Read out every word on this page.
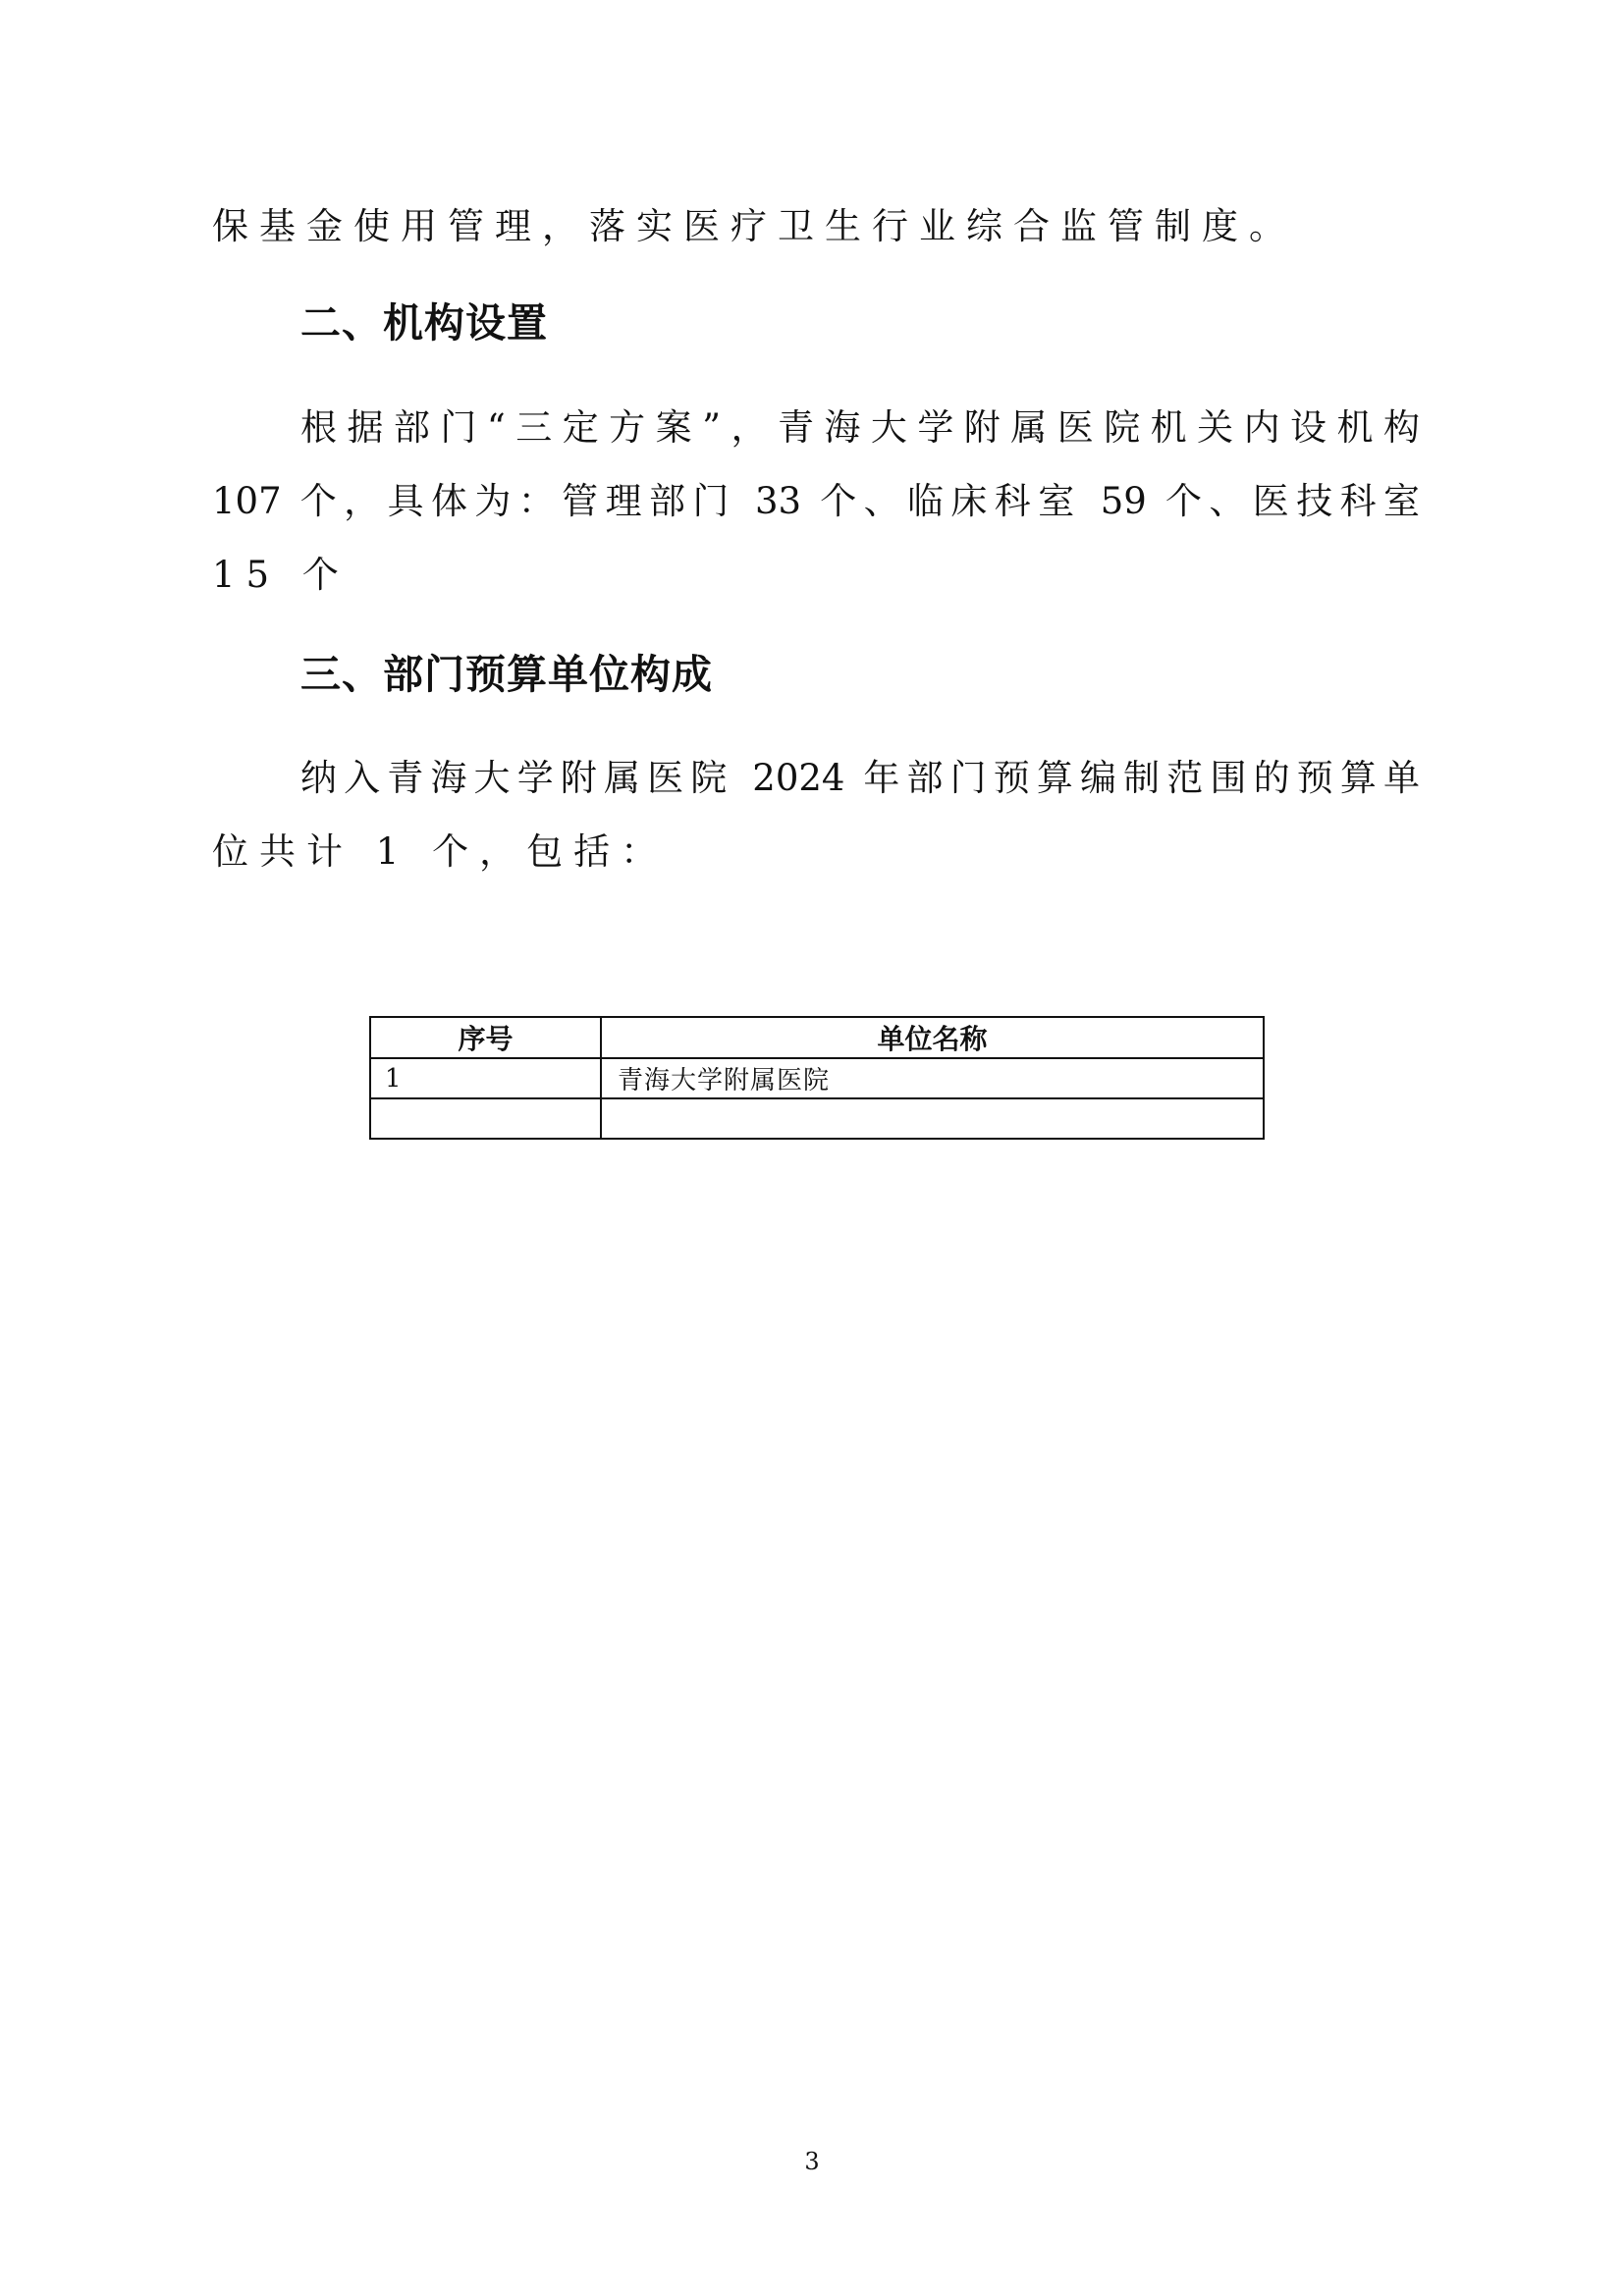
保基金使用管理，落实医疗卫生行业综合监管制度。
二、机构设置
根据部门“三定方案”，青海大学附属医院机关内设机构
107 个，具体为：管理部门 33 个、临床科室 59 个、医技科室
15 个
三、部门预算单位构成
纳入青海大学附属医院 2024 年部门预算编制范围的预算单
位共计 1 个，包括：
序号	单位名称
1	青海大学附属医院

3
